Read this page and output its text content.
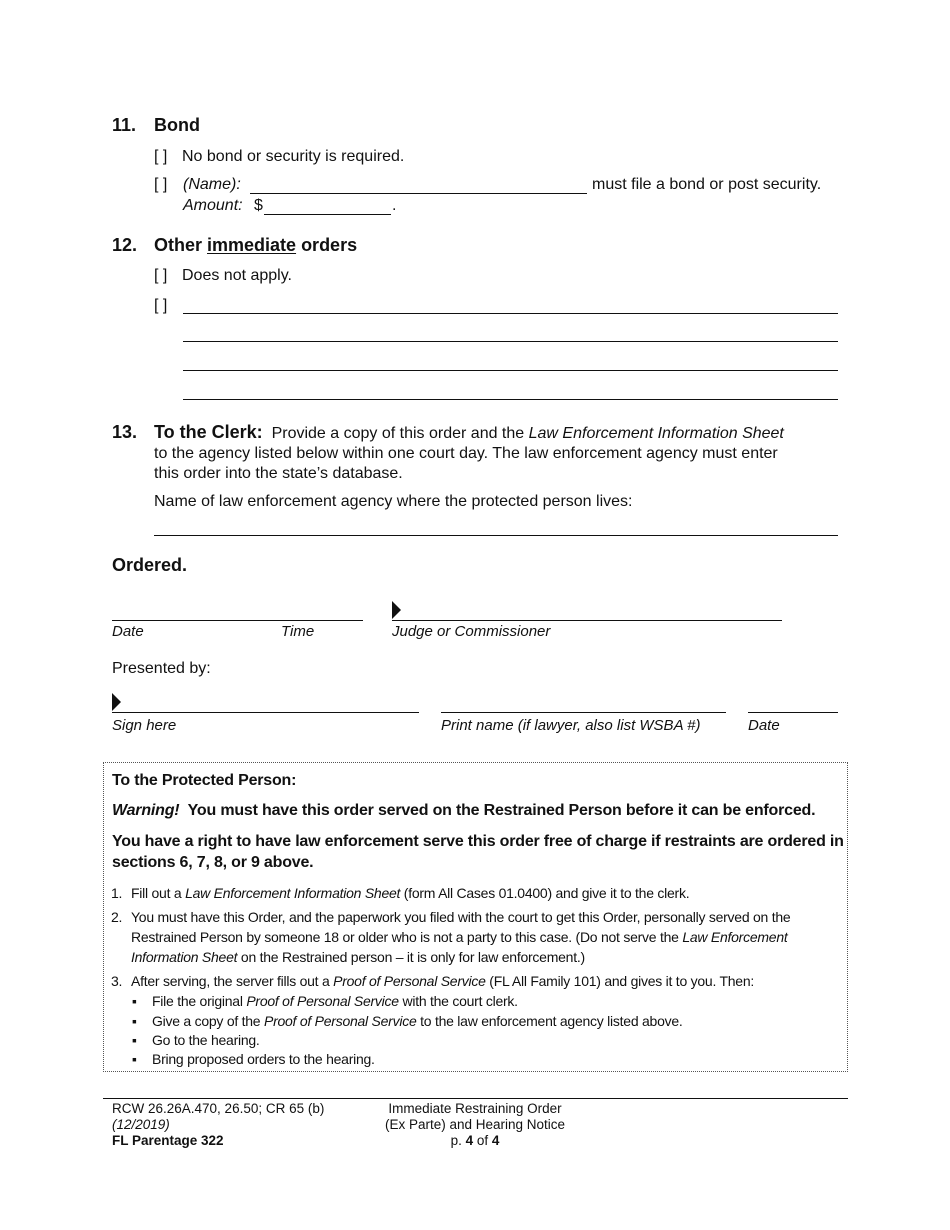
11. Bond
[ ] No bond or security is required.
[ ] (Name):	must file a bond or post security.
Amount: $	.
12. Other immediate orders
[ ] Does not apply.
[ ]
13. To the Clerk: Provide a copy of this order and the Law Enforcement Information Sheet
to the agency listed below within one court day. The law enforcement agency must enter
this order into the state’s database.
Name of law enforcement agency where the protected person lives:
Ordered.
Date	Time	Judge or Commissioner
Presented by:
Sign here	Print name (if lawyer, also list WSBA #)	Date
To the Protected Person:
Warning! You must have this order served on the Restrained Person before it can be enforced.
You have a right to have law enforcement serve this order free of charge if restraints are ordered in
sections 6, 7, 8, or 9 above.
1. Fill out a Law Enforcement Information Sheet (form All Cases 01.0400) and give it to the clerk.
2. You must have this Order, and the paperwork you filed with the court to get this Order, personally served on the
Restrained Person by someone 18 or older who is not a party to this case. (Do not serve the Law Enforcement
Information Sheet on the Restrained person – it is only for law enforcement.)
3. After serving, the server fills out a Proof of Personal Service (FL All Family 101) and gives it to you. Then:
▪ File the original Proof of Personal Service with the court clerk.
▪ Give a copy of the Proof of Personal Service to the law enforcement agency listed above.
▪ Go to the hearing.
▪ Bring proposed orders to the hearing.
RCW 26.26A.470, 26.50; CR 65 (b)
(12/2019)
FL Parentage 322
Immediate Restraining Order
(Ex Parte) and Hearing Notice
p. 4 of 4
